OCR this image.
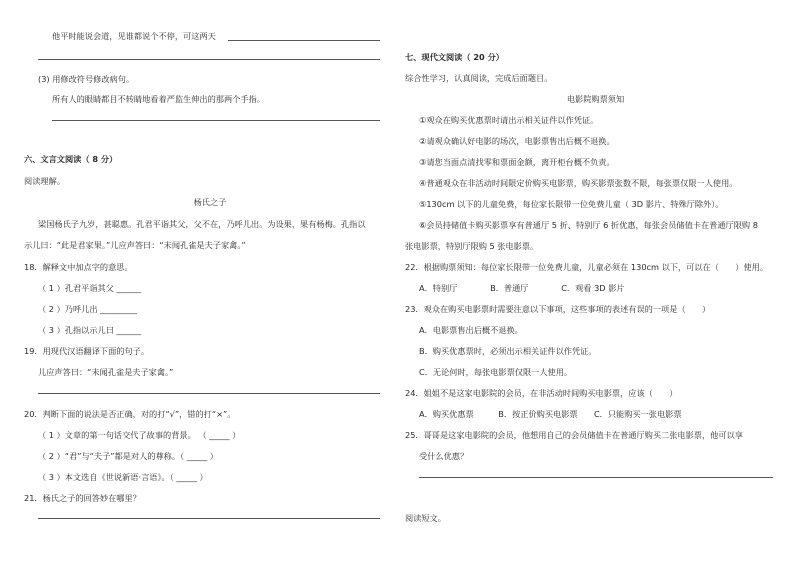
他平时能说会道，见谁都说个不停，可这两天
(3) 用修改符号修改病句。
所有人的眼睛都目不转睛地看着严监生伸出的那两个手指。
六、文言文阅读（ 8 分）
阅读理解。
杨氏之子
梁国杨氏子九岁，甚聪惠。孔君平诣其父，父不在，乃呼儿出。为设果，果有杨梅。孔指以
示儿曰：“此是君家果。”儿应声答曰：“未闻孔雀是夫子家禽。”
18．解释文中加点字的意思。
（ 1 ）孔君平诣其父 ______
（ 2 ）乃呼儿出 _________
（ 3 ）孔指以示儿曰 ______
19．用现代汉语翻译下面的句子。
儿应声答曰：“未闻孔雀是夫子家禽。”
20．判断下面的说法是否正确，对的打“√”，错的打“×”。
（ 1 ）文章的第一句话交代了故事的背景。 （ _____ ）
（ 2 ）“君”与“夫子”都是对人的尊称。（ _____ ）
（ 3 ）本文选自《世说新语·言语》。（ _____ ）
21．杨氏之子的回答妙在哪里？
七、现代文阅读（ 20 分）
综合性学习，认真阅读，完成后面题目。
电影院购票须知
①观众在购买优惠票时请出示相关证件以作凭证。
②请观众确认好电影的场次，电影票售出后概不退换。
③请您当面点清找零和票面金额，离开柜台概不负责。
④普通观众在非活动时间限定价购买电影票，购买影票张数不限，每张票仅限一人使用。
⑤130cm 以下的儿童免费，每位家长限带一位免费儿童（ 3D 影片、特殊厅除外）。
⑥会员持储值卡购买影票享有普通厅 5 折、特别厅 6 折优惠，每张会员储值卡在普通厅限购 8
张电影票，特别厅限购 5 张电影票。
22．根据购票须知：每位家长限带一位免费儿童，儿童必须在 130cm 以下，可以在（　　）使用。
A．特别厅　　　　B．普通厅　　　　C．观看 3D 影片
23．观众在购买电影票时需要注意以下事项，这些事项的表述有误的一项是（　　）
A．电影票售出后概不退换。
B．购买优惠票时，必须出示相关证件以作凭证。
C．无论何时，每张电影票仅限一人使用。
24．姐姐不是这家电影院的会员，在非活动时间购买电影票，应该（　　）
A．购买优惠票　　　B．按正价购买电影票　　C．只能购买一张电影票
25．哥哥是这家电影院的会员，他想用自己的会员储值卡在普通厅购买二张电影票，他可以享
受什么优惠？
阅读短文。
